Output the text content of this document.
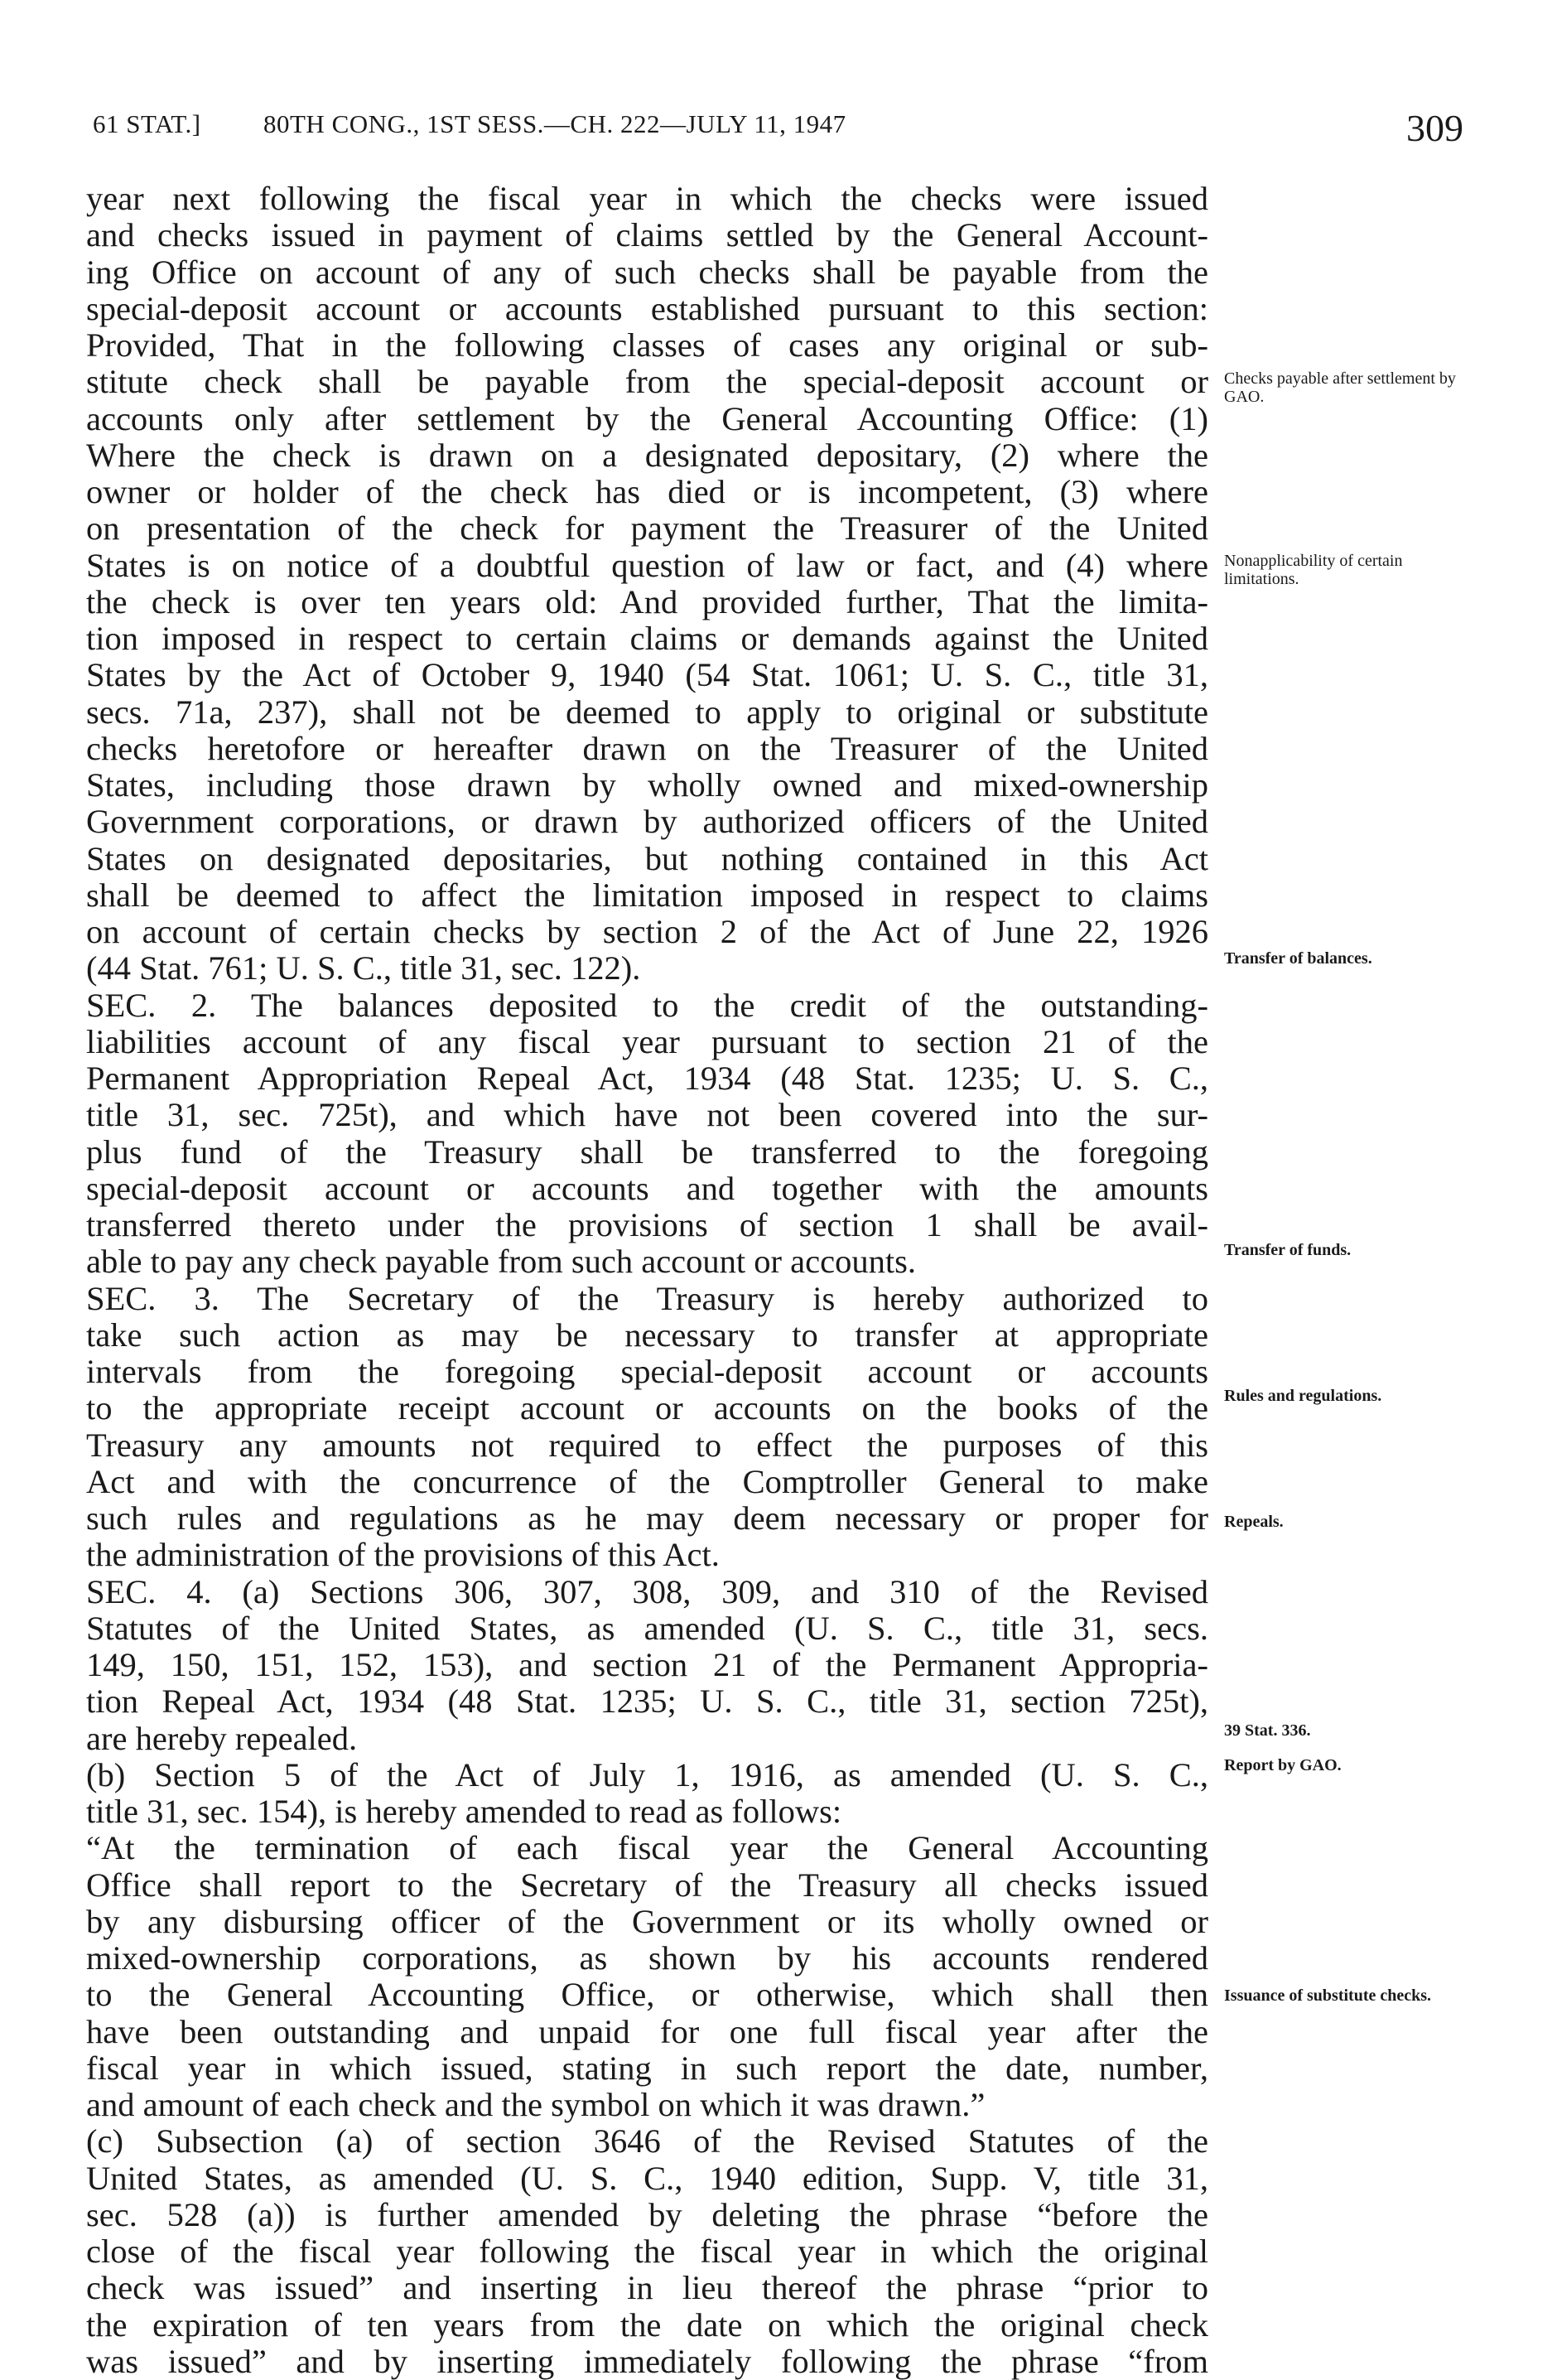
61 STAT.] 80TH CONG., 1ST SESS.—CH. 222—JULY 11, 1947	309
year next following the fiscal year in which the checks were issued
and checks issued in payment of claims settled by the General Account-
ing Office on account of any of such checks shall be payable from the
special-deposit account or accounts established pursuant to this section:
Provided, That in the following classes of cases any original or sub-
stitute check shall be payable from the special-deposit account or
accounts only after settlement by the General Accounting Office: (1)
Where the check is drawn on a designated depositary, (2) where the
owner or holder of the check has died or is incompetent, (3) where
on presentation of the check for payment the Treasurer of the United
States is on notice of a doubtful question of law or fact, and (4) where
the check is over ten years old: And provided further, That the limita-
tion imposed in respect to certain claims or demands against the United
States by the Act of October 9, 1940 (54 Stat. 1061; U. S. C., title 31,
secs. 71a, 237), shall not be deemed to apply to original or substitute
checks heretofore or hereafter drawn on the Treasurer of the United
States, including those drawn by wholly owned and mixed-ownership
Government corporations, or drawn by authorized officers of the United
States on designated depositaries, but nothing contained in this Act
shall be deemed to affect the limitation imposed in respect to claims
on account of certain checks by section 2 of the Act of June 22, 1926
(44 Stat. 761; U. S. C., title 31, sec. 122).
SEC. 2. The balances deposited to the credit of the outstanding-
liabilities account of any fiscal year pursuant to section 21 of the
Permanent Appropriation Repeal Act, 1934 (48 Stat. 1235; U. S. C.,
title 31, sec. 725t), and which have not been covered into the sur-
plus fund of the Treasury shall be transferred to the foregoing
special-deposit account or accounts and together with the amounts
transferred thereto under the provisions of section 1 shall be avail-
able to pay any check payable from such account or accounts.
SEC. 3. The Secretary of the Treasury is hereby authorized to
take such action as may be necessary to transfer at appropriate
intervals from the foregoing special-deposit account or accounts
to the appropriate receipt account or accounts on the books of the
Treasury any amounts not required to effect the purposes of this
Act and with the concurrence of the Comptroller General to make
such rules and regulations as he may deem necessary or proper for
the administration of the provisions of this Act.
SEC. 4. (a) Sections 306, 307, 308, 309, and 310 of the Revised
Statutes of the United States, as amended (U. S. C., title 31, secs.
149, 150, 151, 152, 153), and section 21 of the Permanent Appropria-
tion Repeal Act, 1934 (48 Stat. 1235; U. S. C., title 31, section 725t),
are hereby repealed.
(b) Section 5 of the Act of July 1, 1916, as amended (U. S. C.,
title 31, sec. 154), is hereby amended to read as follows:
“At the termination of each fiscal year the General Accounting
Office shall report to the Secretary of the Treasury all checks issued
by any disbursing officer of the Government or its wholly owned or
mixed-ownership corporations, as shown by his accounts rendered
to the General Accounting Office, or otherwise, which shall then
have been outstanding and unpaid for one full fiscal year after the
fiscal year in which issued, stating in such report the date, number,
and amount of each check and the symbol on which it was drawn.”
(c) Subsection (a) of section 3646 of the Revised Statutes of the
United States, as amended (U. S. C., 1940 edition, Supp. V, title 31,
sec. 528 (a)) is further amended by deleting the phrase “before the
close of the fiscal year following the fiscal year in which the original
check was issued” and inserting in lieu thereof the phrase “prior to
the expiration of ten years from the date on which the original check
was issued” and by inserting immediately following the phrase “from
Checks payable after settlement by GAO.
Nonapplicability of certain limitations.
Transfer of balances.
Transfer of funds.
Rules and regulations.
Repeals.
39 Stat. 336.
Report by GAO.
Issuance of substitute checks.
